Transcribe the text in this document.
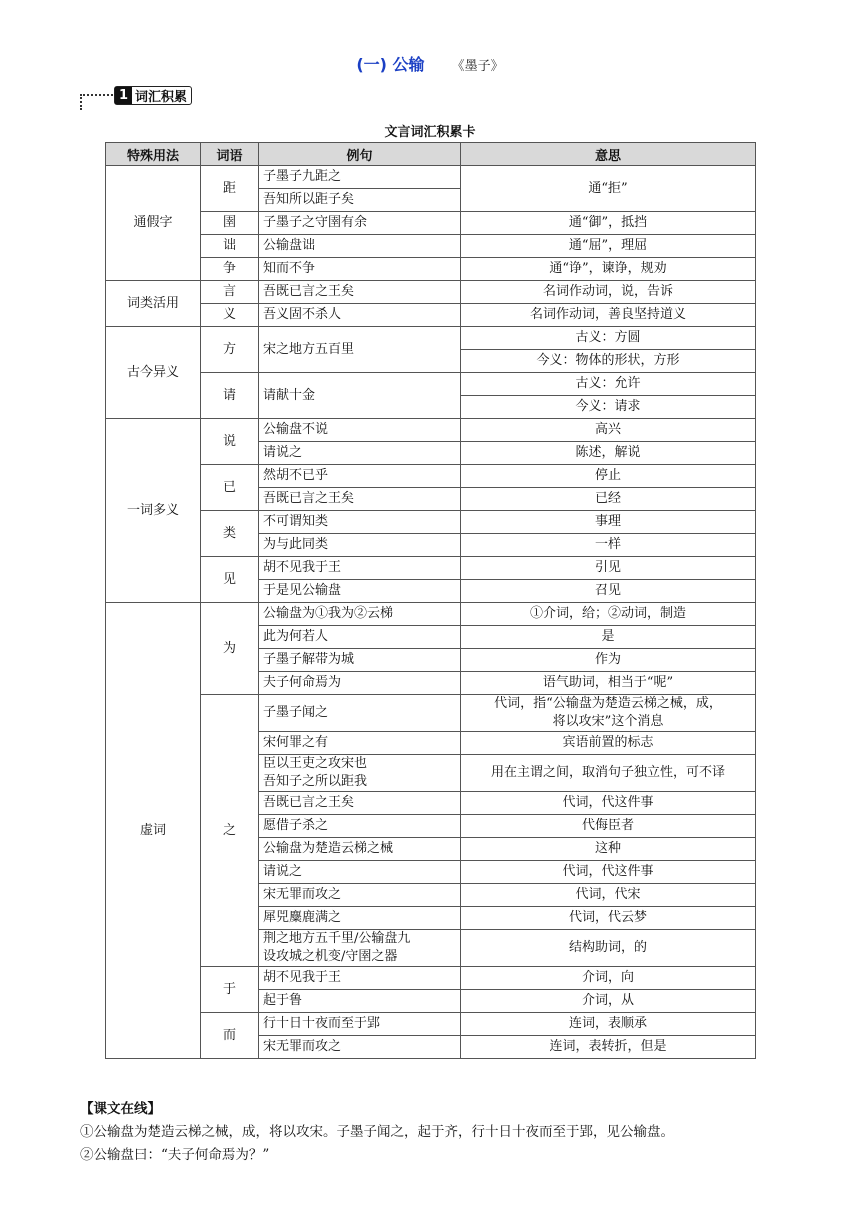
(一) 公输 《墨子》
1 词汇积累
文言词汇积累卡
特殊用法	词语	例句	意思
通假字	距	子墨子九距之	通“拒”
		吾知所以距子矣	
	圉	子墨子之守圉有余	通“御”，抵挡
	诎	公输盘诎	通“屈”，理屈
	争	知而不争	通“诤”，谏诤，规劝
词类活用	言	吾既已言之王矣	名词作动词，说，告诉
	义	吾义固不杀人	名词作动词，善良坚持道义
古今异义	方	宋之地方五百里	古义：方圆
			今义：物体的形状，方形
	请	请献十金	古义：允许
			今义：请求
一词多义	说	公输盘不说	高兴
		请说之	陈述，解说
	已	然胡不已乎	停止
		吾既已言之王矣	已经
	类	不可谓知类	事理
		为与此同类	一样
	见	胡不见我于王	引见
		于是见公输盘	召见
虚词	为	公输盘为①我为②云梯	①介词，给；②动词，制造
		此为何若人	是
		子墨子解带为城	作为
		夫子何命焉为	语气助词，相当于“呢”
	之	子墨子闻之	代词，指“公输盘为楚造云梯之械，成，
将以攻宋”这个消息

		宋何罪之有	宾语前置的标志

		臣以王吏之攻宋也
吾知子之所以距我	用在主谓之间，取消句子独立性，可不译
		吾既已言之王矣	代词，代这件事
		愿借子杀之	代侮臣者
		公输盘为楚造云梯之械	这种
		请说之	代词，代这件事
		宋无罪而攻之	代词，代宋
		犀兕麋鹿满之	代词，代云梦

		荆之地方五千里/公输盘九
设攻城之机变/守圉之器	结构助词，的
	于	胡不见我于王	介词，向
		起于鲁	介词，从
	而	行十日十夜而至于郢	连词，表顺承
		宋无罪而攻之	连词，表转折，但是
【课文在线】
①公输盘为楚造云梯之械，成，将以攻宋。子墨子闻之，起于齐，行十日十夜而至于郢，见公输盘。
②公输盘曰：“夫子何命焉为？”
